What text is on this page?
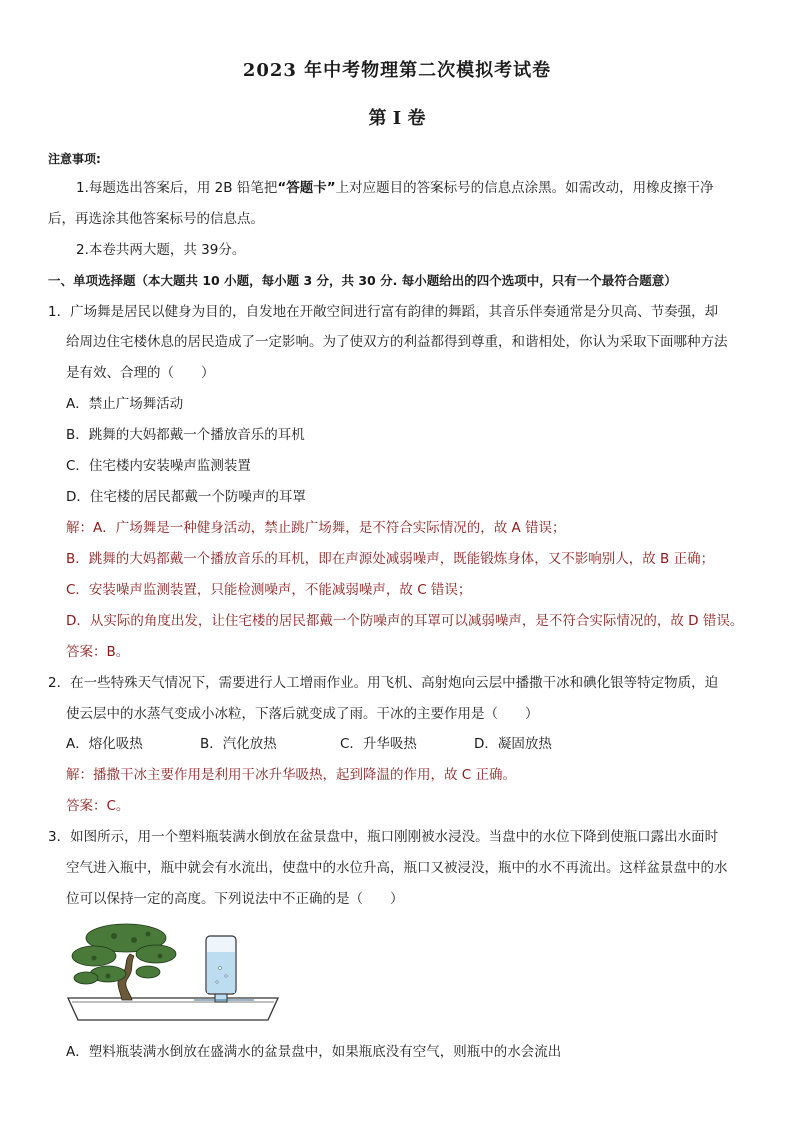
2023 年中考物理第二次模拟考试卷
第 Ⅰ 卷
注意事项:
1.每题选出答案后，用 2B 铅笔把“答题卡”上对应题目的答案标号的信息点涂黑。如需改动，用橡皮擦干净
后，再选涂其他答案标号的信息点。
2.本卷共两大题，共 39分。
一、单项选择题（本大题共 10 小题，每小题 3 分，共 30 分. 每小题给出的四个选项中，只有一个最符合题意）
1．广场舞是居民以健身为目的，自发地在开敞空间进行富有韵律的舞蹈，其音乐伴奏通常是分贝高、节奏强，却
给周边住宅楼休息的居民造成了一定影响。为了使双方的利益都得到尊重，和谐相处，你认为采取下面哪种方法
是有效、合理的（　　）
A．禁止广场舞活动
B．跳舞的大妈都戴一个播放音乐的耳机
C．住宅楼内安装噪声监测装置
D．住宅楼的居民都戴一个防噪声的耳罩
解：A．广场舞是一种健身活动，禁止跳广场舞，是不符合实际情况的，故 A 错误；
B．跳舞的大妈都戴一个播放音乐的耳机，即在声源处减弱噪声，既能锻炼身体，又不影响别人，故 B 正确；
C．安装噪声监测装置，只能检测噪声，不能减弱噪声，故 C 错误；
D．从实际的角度出发，让住宅楼的居民都戴一个防噪声的耳罩可以减弱噪声，是不符合实际情况的，故 D 错误。
答案：B。
2．在一些特殊天气情况下，需要进行人工增雨作业。用飞机、高射炮向云层中播撒干冰和碘化银等特定物质，迫
使云层中的水蒸气变成小冰粒，下落后就变成了雨。干冰的主要作用是（　　）
A．熔化吸热	B．汽化放热	C．升华吸热	D．凝固放热
解：播撒干冰主要作用是利用干冰升华吸热，起到降温的作用，故 C 正确。
答案：C。
3．如图所示，用一个塑料瓶装满水倒放在盆景盘中，瓶口刚刚被水浸没。当盘中的水位下降到使瓶口露出水面时
空气进入瓶中，瓶中就会有水流出，使盘中的水位升高，瓶口又被浸没，瓶中的水不再流出。这样盆景盘中的水
位可以保持一定的高度。下列说法中不正确的是（　　）
A．塑料瓶装满水倒放在盛满水的盆景盘中，如果瓶底没有空气，则瓶中的水会流出
